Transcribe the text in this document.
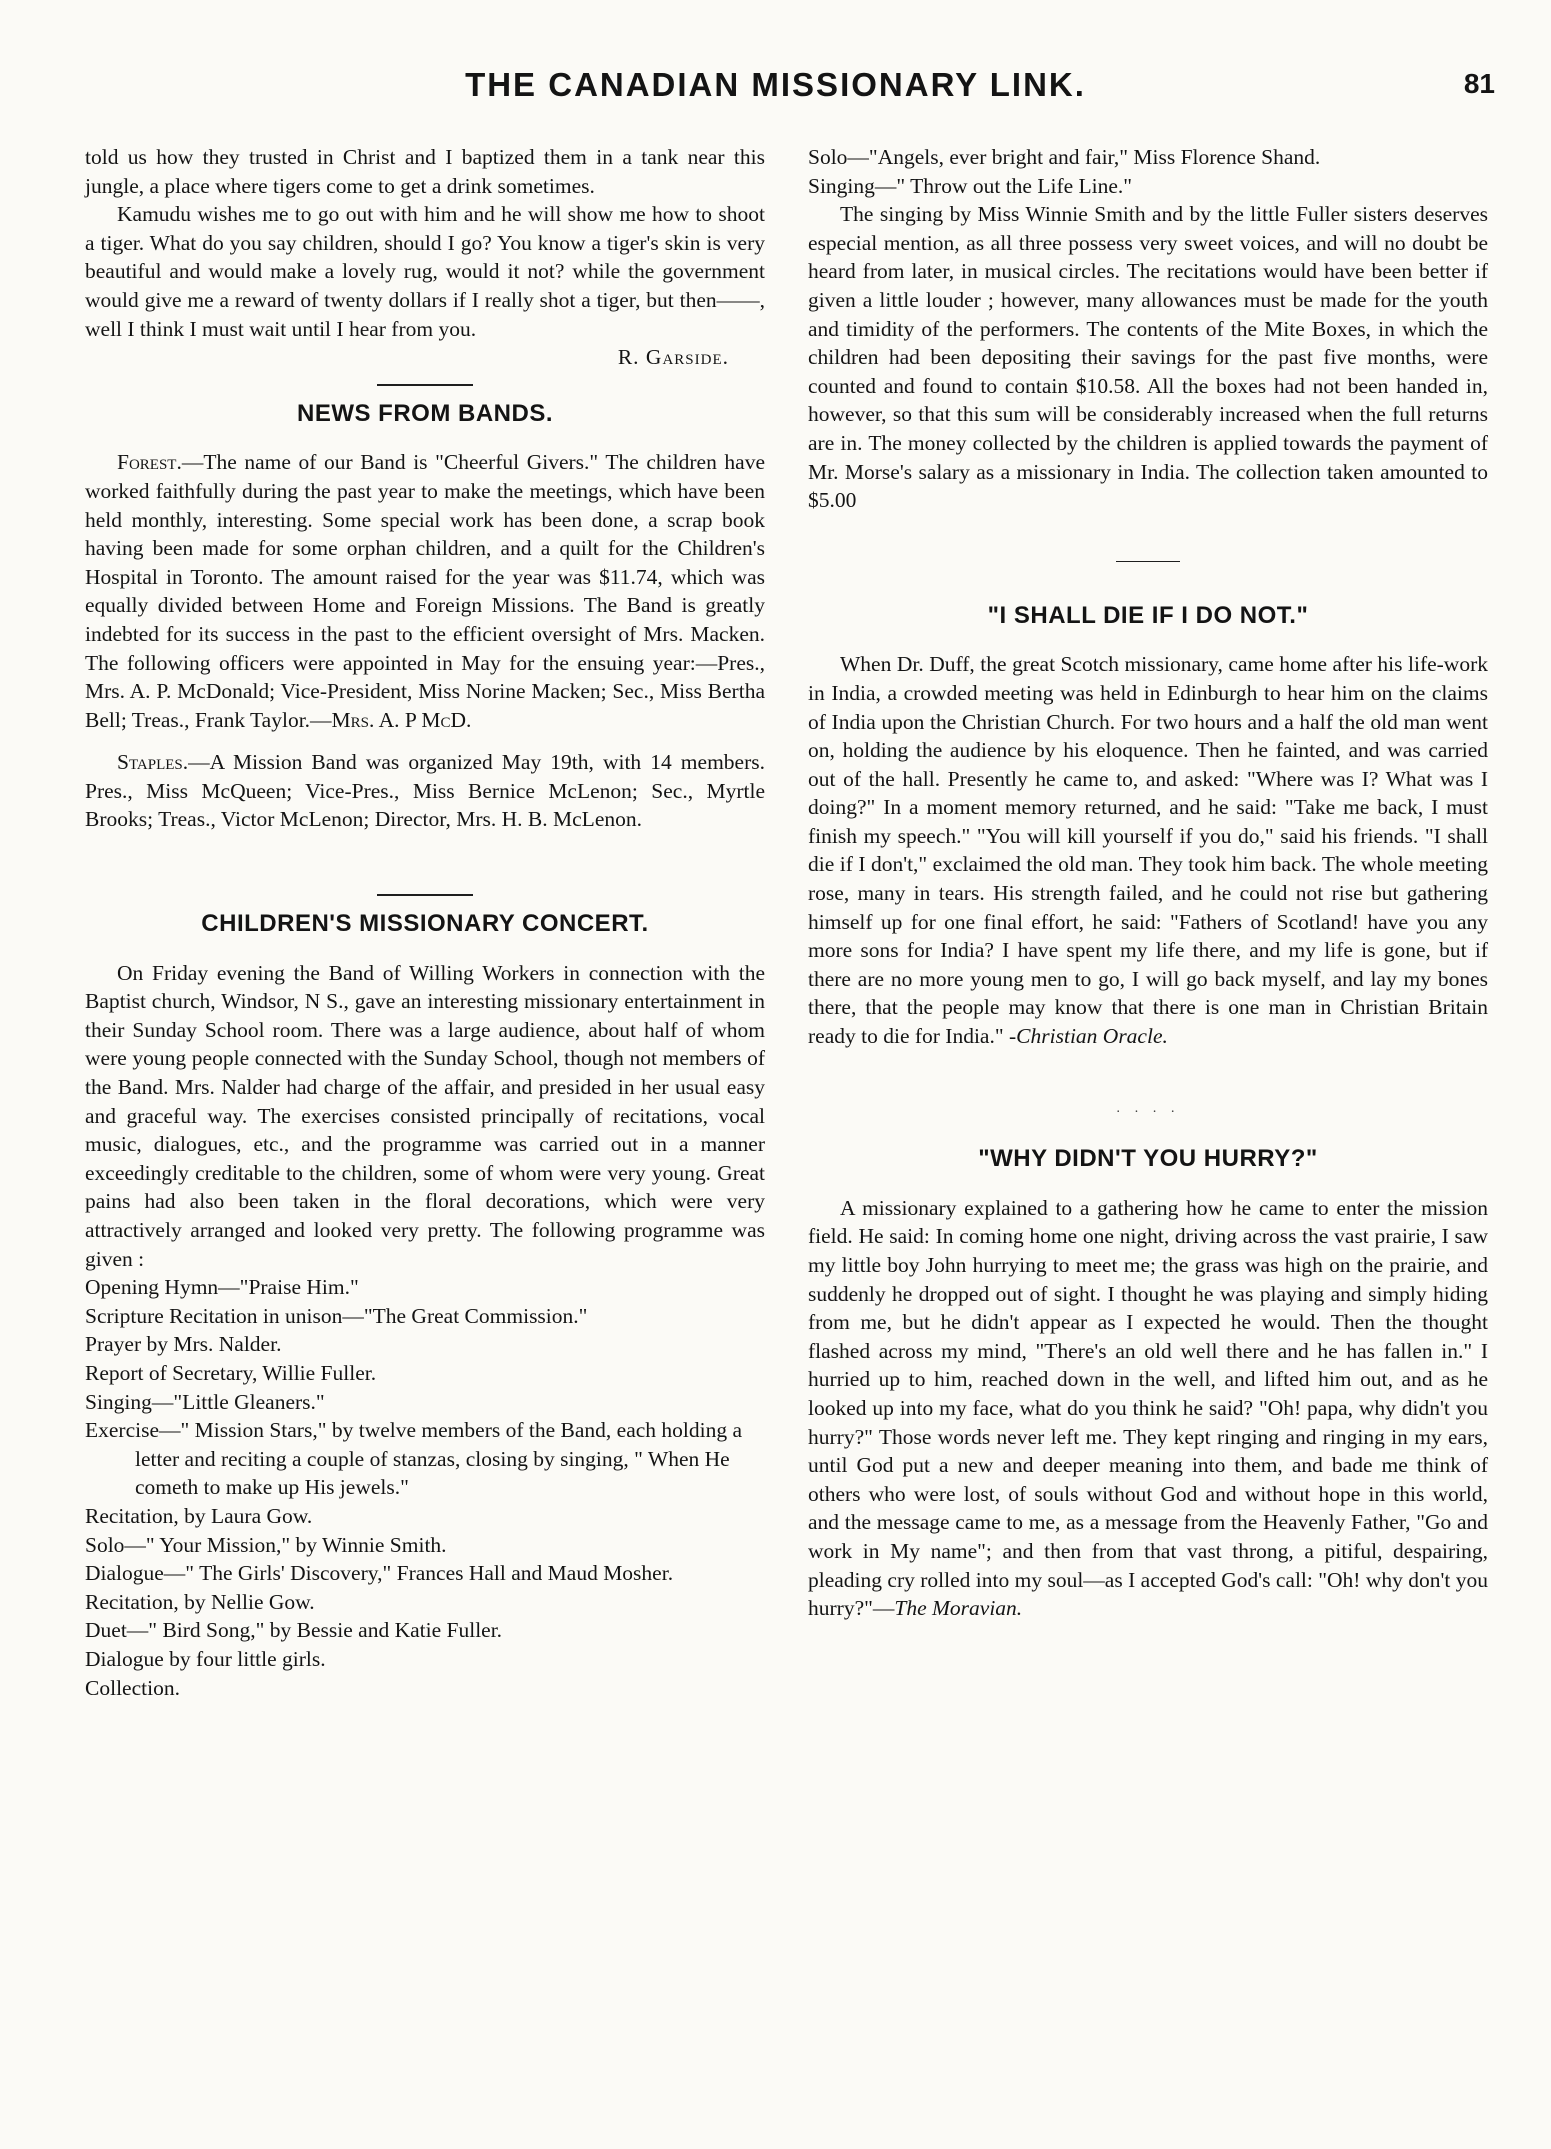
THE CANADIAN MISSIONARY LINK.	81

told us how they trusted in Christ and I baptized them in a tank near this jungle, a place where tigers come to get a drink sometimes.

Kamudu wishes me to go out with him and he will show me how to shoot a tiger. What do you say children, should I go? You know a tiger's skin is very beautiful and would make a lovely rug, would it not? while the government would give me a reward of twenty dollars if I really shot a tiger, but then——, well I think I must wait until I hear from you.

R. Garside.

NEWS FROM BANDS.

Forest.—The name of our Band is "Cheerful Givers." The children have worked faithfully during the past year to make the meetings, which have been held monthly, interesting. Some special work has been done, a scrap book having been made for some orphan children, and a quilt for the Children's Hospital in Toronto. The amount raised for the year was $11.74, which was equally divided between Home and Foreign Missions. The Band is greatly indebted for its success in the past to the efficient oversight of Mrs. Macken. The following officers were appointed in May for the ensuing year:—Pres., Mrs. A. P. McDonald; Vice-President, Miss Norine Macken; Sec., Miss Bertha Bell; Treas., Frank Taylor.—Mrs. A. P McD.

Staples.—A Mission Band was organized May 19th, with 14 members. Pres., Miss McQueen; Vice-Pres., Miss Bernice McLenon; Sec., Myrtle Brooks; Treas., Victor McLenon; Director, Mrs. H. B. McLenon.

CHILDREN'S MISSIONARY CONCERT.

On Friday evening the Band of Willing Workers in connection with the Baptist church, Windsor, N S., gave an interesting missionary entertainment in their Sunday School room. There was a large audience, about half of whom were young people connected with the Sunday School, though not members of the Band. Mrs. Nalder had charge of the affair, and presided in her usual easy and graceful way. The exercises consisted principally of recitations, vocal music, dialogues, etc., and the programme was carried out in a manner exceedingly creditable to the children, some of whom were very young. Great pains had also been taken in the floral decorations, which were very attractively arranged and looked very pretty. The following programme was given :

Opening Hymn—"Praise Him."

Scripture Recitation in unison—"The Great Commission."

Prayer by Mrs. Nalder.

Report of Secretary, Willie Fuller.

Singing—"Little Gleaners."

Exercise—" Mission Stars," by twelve members of the Band, each holding a letter and reciting a couple of stanzas, closing by singing, " When He cometh to make up His jewels."

Recitation, by Laura Gow.

Solo—" Your Mission," by Winnie Smith.

Dialogue—" The Girls' Discovery," Frances Hall and Maud Mosher.

Recitation, by Nellie Gow.

Duet—" Bird Song," by Bessie and Katie Fuller.

Dialogue by four little girls.

Collection.

Solo—"Angels, ever bright and fair," Miss Florence Shand.

Singing—" Throw out the Life Line."

The singing by Miss Winnie Smith and by the little Fuller sisters deserves especial mention, as all three possess very sweet voices, and will no doubt be heard from later, in musical circles. The recitations would have been better if given a little louder ; however, many allowances must be made for the youth and timidity of the performers. The contents of the Mite Boxes, in which the children had been depositing their savings for the past five months, were counted and found to contain $10.58. All the boxes had not been handed in, however, so that this sum will be considerably increased when the full returns are in. The money collected by the children is applied towards the payment of Mr. Morse's salary as a missionary in India. The collection taken amounted to $5.00

"I SHALL DIE IF I DO NOT."

When Dr. Duff, the great Scotch missionary, came home after his life-work in India, a crowded meeting was held in Edinburgh to hear him on the claims of India upon the Christian Church. For two hours and a half the old man went on, holding the audience by his eloquence. Then he fainted, and was carried out of the hall. Presently he came to, and asked: "Where was I? What was I doing?" In a moment memory returned, and he said: "Take me back, I must finish my speech." "You will kill yourself if you do," said his friends. "I shall die if I don't," exclaimed the old man. They took him back. The whole meeting rose, many in tears. His strength failed, and he could not rise but gathering himself up for one final effort, he said: "Fathers of Scotland! have you any more sons for India? I have spent my life there, and my life is gone, but if there are no more young men to go, I will go back myself, and lay my bones there, that the people may know that there is one man in Christian Britain ready to die for India." -Christian Oracle.

· · · ·
"WHY DIDN'T YOU HURRY?"

A missionary explained to a gathering how he came to enter the mission field. He said: In coming home one night, driving across the vast prairie, I saw my little boy John hurrying to meet me; the grass was high on the prairie, and suddenly he dropped out of sight. I thought he was playing and simply hiding from me, but he didn't appear as I expected he would. Then the thought flashed across my mind, "There's an old well there and he has fallen in." I hurried up to him, reached down in the well, and lifted him out, and as he looked up into my face, what do you think he said? "Oh! papa, why didn't you hurry?" Those words never left me. They kept ringing and ringing in my ears, until God put a new and deeper meaning into them, and bade me think of others who were lost, of souls without God and without hope in this world, and the message came to me, as a message from the Heavenly Father, "Go and work in My name"; and then from that vast throng, a pitiful, despairing, pleading cry rolled into my soul—as I accepted God's call: "Oh! why don't you hurry?"—The Moravian.
